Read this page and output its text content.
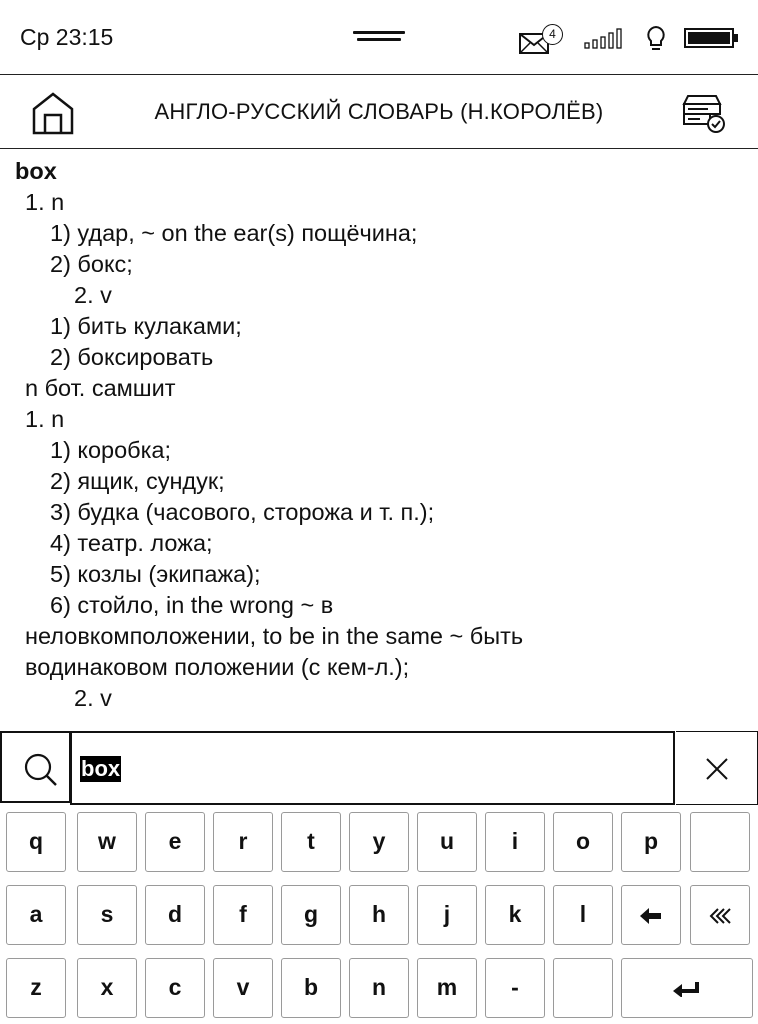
Ср 23:15	4
АНГЛО-РУССКИЙ СЛОВАРЬ (Н.КОРОЛЁВ)
box
1. n
1) удар, ~ on the ear(s) пощёчина;
2) бокс;
2. v
1) бить кулаками;
2) боксировать
n бот. самшит
1. n
1) коробка;
2) ящик, сундук;
3) будка (часового, сторожа и т. п.);
4) театр. ложа;
5) козлы (экипажа);
6) стойло, in the wrong ~ в
неловкомположении, to be in the same ~ быть
водинаковом положении (с кем-л.);
2. v
box
q	w	e	r	t	y	u	i	o	p
a	s	d	f	g	h	j	k	l
z	x	c	v	b	n	m	-
